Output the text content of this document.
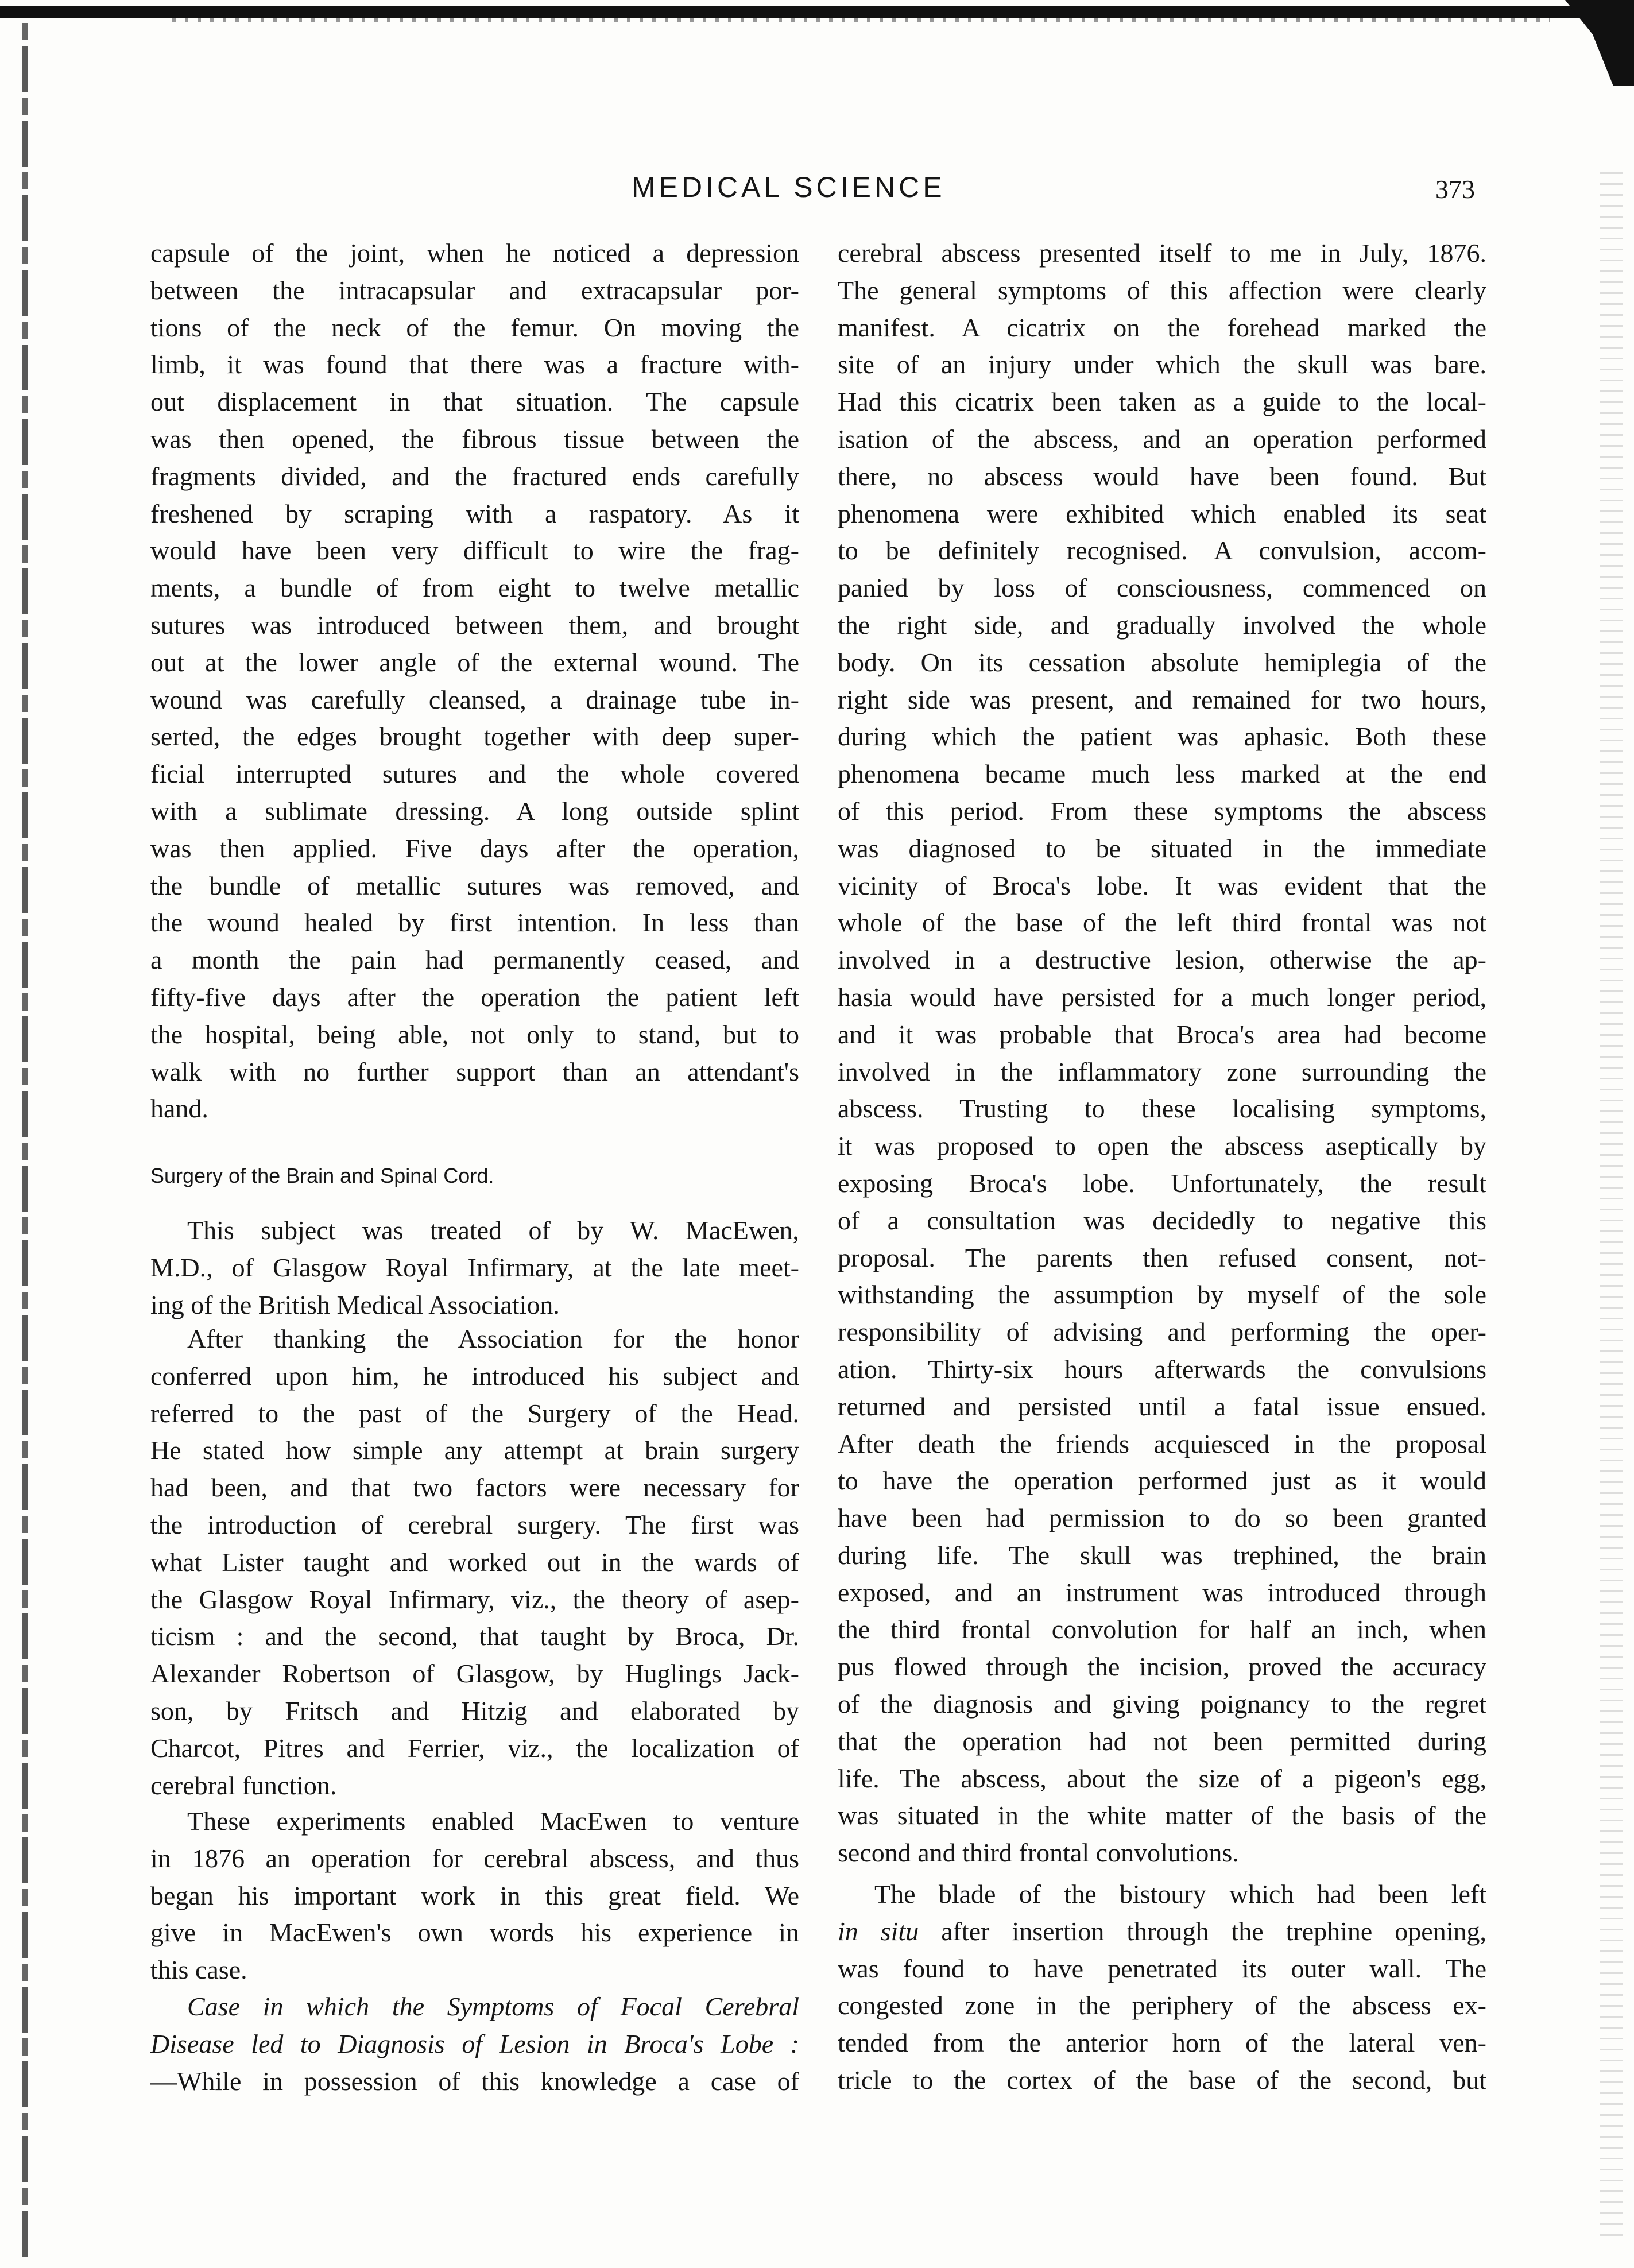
MEDICAL SCIENCE	373
capsule of the joint, when he noticed a depression
between the intracapsular and extracapsular por-
tions of the neck of the femur. On moving the
limb, it was found that there was a fracture with-
out displacement in that situation. The capsule
was then opened, the fibrous tissue between the
fragments divided, and the fractured ends carefully
freshened by scraping with a raspatory. As it
would have been very difficult to wire the frag-
ments, a bundle of from eight to twelve metallic
sutures was introduced between them, and brought
out at the lower angle of the external wound. The
wound was carefully cleansed, a drainage tube in-
serted, the edges brought together with deep super-
ficial interrupted sutures and the whole covered
with a sublimate dressing. A long outside splint
was then applied. Five days after the operation,
the bundle of metallic sutures was removed, and
the wound healed by first intention. In less than
a month the pain had permanently ceased, and
fifty-five days after the operation the patient left
the hospital, being able, not only to stand, but to
walk with no further support than an attendant's
hand.
Surgery of the Brain and Spinal Cord.
This subject was treated of by W. MacEwen,
M.D., of Glasgow Royal Infirmary, at the late meet-
ing of the British Medical Association.
After thanking the Association for the honor
conferred upon him, he introduced his subject and
referred to the past of the Surgery of the Head.
He stated how simple any attempt at brain surgery
had been, and that two factors were necessary for
the introduction of cerebral surgery. The first was
what Lister taught and worked out in the wards of
the Glasgow Royal Infirmary, viz., the theory of asep-
ticism : and the second, that taught by Broca, Dr.
Alexander Robertson of Glasgow, by Huglings Jack-
son, by Fritsch and Hitzig and elaborated by
Charcot, Pitres and Ferrier, viz., the localization of
cerebral function.
These experiments enabled MacEwen to venture
in 1876 an operation for cerebral abscess, and thus
began his important work in this great field. We
give in MacEwen's own words his experience in
this case.
Case in which the Symptoms of Focal Cerebral
Disease led to Diagnosis of Lesion in Broca's Lobe :
—While in possession of this knowledge a case of
cerebral abscess presented itself to me in July, 1876.
The general symptoms of this affection were clearly
manifest. A cicatrix on the forehead marked the
site of an injury under which the skull was bare.
Had this cicatrix been taken as a guide to the local-
isation of the abscess, and an operation performed
there, no abscess would have been found. But
phenomena were exhibited which enabled its seat
to be definitely recognised. A convulsion, accom-
panied by loss of consciousness, commenced on
the right side, and gradually involved the whole
body. On its cessation absolute hemiplegia of the
right side was present, and remained for two hours,
during which the patient was aphasic. Both these
phenomena became much less marked at the end
of this period. From these symptoms the abscess
was diagnosed to be situated in the immediate
vicinity of Broca's lobe. It was evident that the
whole of the base of the left third frontal was not
involved in a destructive lesion, otherwise the ap-
hasia would have persisted for a much longer period,
and it was probable that Broca's area had become
involved in the inflammatory zone surrounding the
abscess. Trusting to these localising symptoms,
it was proposed to open the abscess aseptically by
exposing Broca's lobe. Unfortunately, the result
of a consultation was decidedly to negative this
proposal. The parents then refused consent, not-
withstanding the assumption by myself of the sole
responsibility of advising and performing the oper-
ation. Thirty-six hours afterwards the convulsions
returned and persisted until a fatal issue ensued.
After death the friends acquiesced in the proposal
to have the operation performed just as it would
have been had permission to do so been granted
during life. The skull was trephined, the brain
exposed, and an instrument was introduced through
the third frontal convolution for half an inch, when
pus flowed through the incision, proved the accuracy
of the diagnosis and giving poignancy to the regret
that the operation had not been permitted during
life. The abscess, about the size of a pigeon's egg,
was situated in the white matter of the basis of the
second and third frontal convolutions.
The blade of the bistoury which had been left
in situ after insertion through the trephine opening,
was found to have penetrated its outer wall. The
congested zone in the periphery of the abscess ex-
tended from the anterior horn of the lateral ven-
tricle to the cortex of the base of the second, but
